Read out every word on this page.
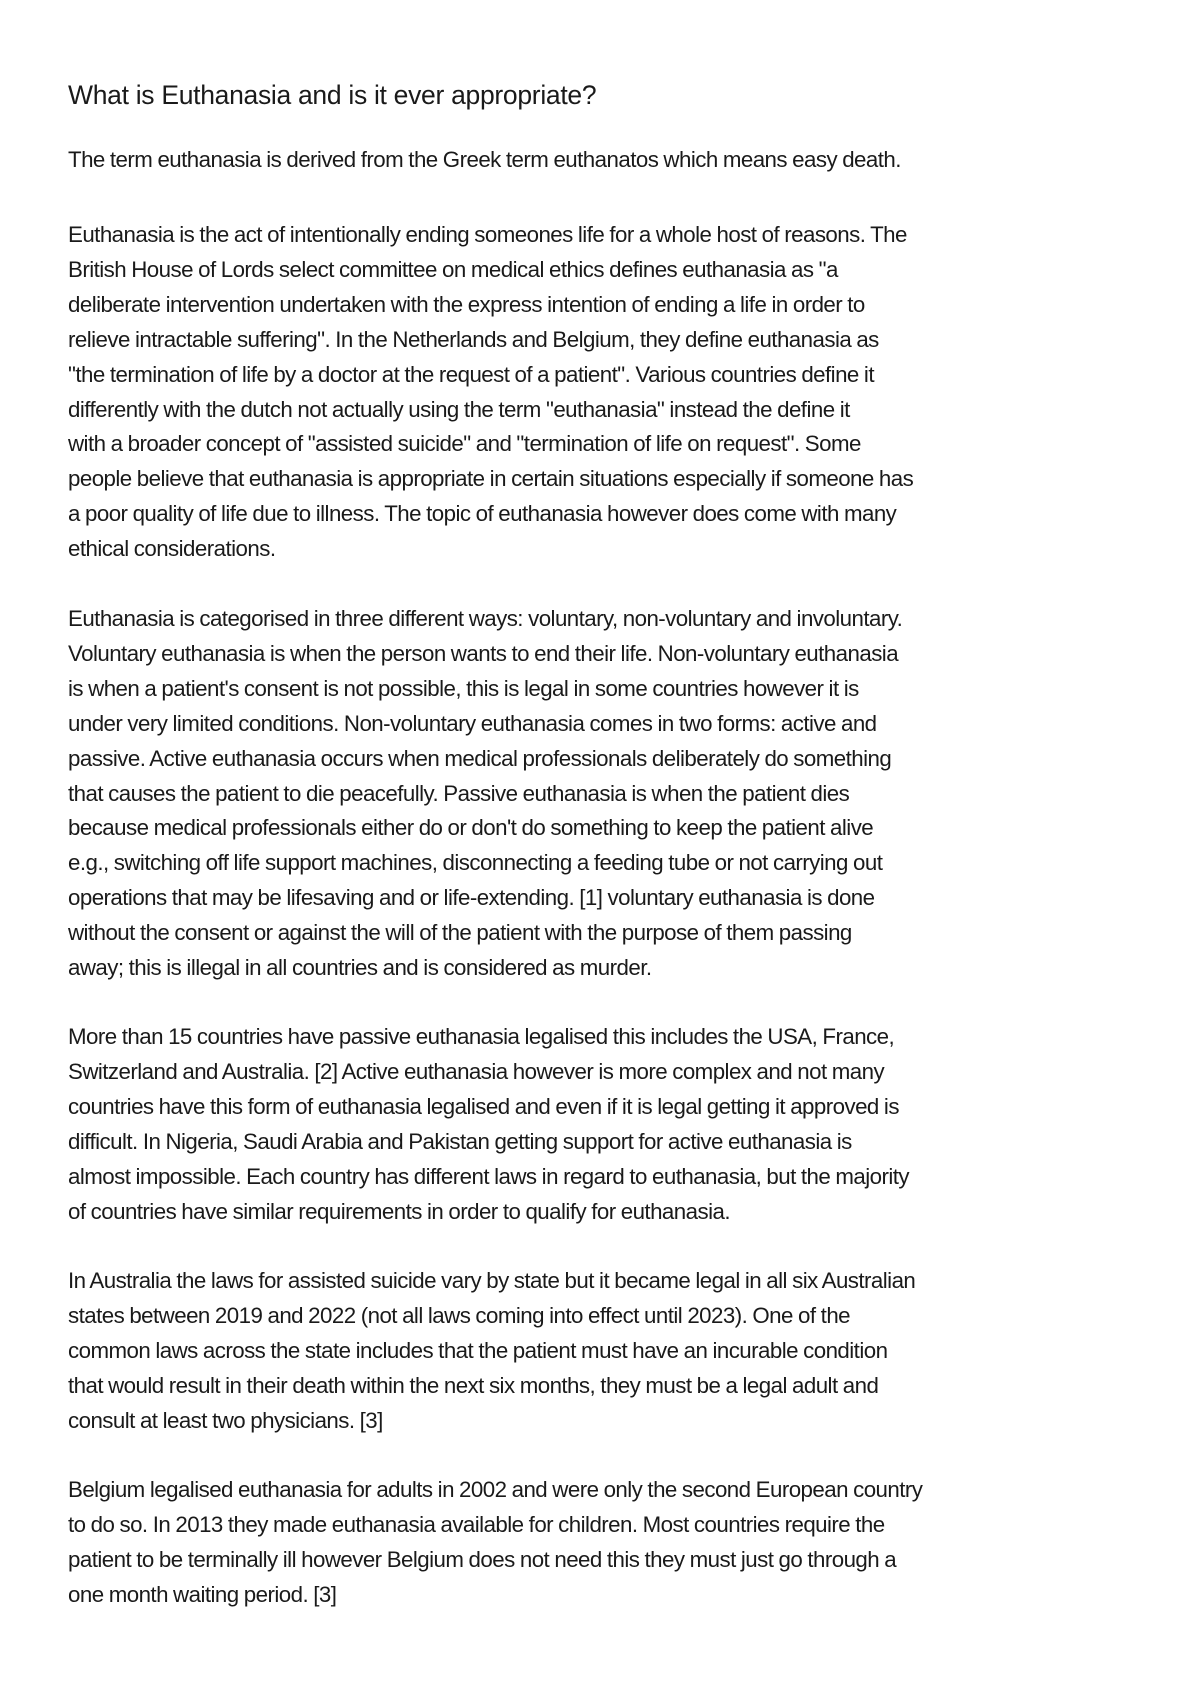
What is Euthanasia and is it ever appropriate?

The term euthanasia is derived from the Greek term euthanatos which means easy death.

Euthanasia is the act of intentionally ending someones life for a whole host of reasons. The
British House of Lords select committee on medical ethics defines euthanasia as "a
deliberate intervention undertaken with the express intention of ending a life in order to
relieve intractable suffering". In the Netherlands and Belgium, they define euthanasia as
"the termination of life by a doctor at the request of a patient". Various countries define it
differently with the dutch not actually using the term "euthanasia" instead the define it
with a broader concept of "assisted suicide" and "termination of life on request". Some
people believe that euthanasia is appropriate in certain situations especially if someone has
a poor quality of life due to illness. The topic of euthanasia however does come with many
ethical considerations.

Euthanasia is categorised in three different ways: voluntary, non-voluntary and involuntary.
Voluntary euthanasia is when the person wants to end their life. Non-voluntary euthanasia
is when a patient's consent is not possible, this is legal in some countries however it is
under very limited conditions. Non-voluntary euthanasia comes in two forms: active and
passive. Active euthanasia occurs when medical professionals deliberately do something
that causes the patient to die peacefully. Passive euthanasia is when the patient dies
because medical professionals either do or don't do something to keep the patient alive
e.g., switching off life support machines, disconnecting a feeding tube or not carrying out
operations that may be lifesaving and or life-extending. [1] voluntary euthanasia is done
without the consent or against the will of the patient with the purpose of them passing
away; this is illegal in all countries and is considered as murder.

More than 15 countries have passive euthanasia legalised this includes the USA, France,
Switzerland and Australia. [2] Active euthanasia however is more complex and not many
countries have this form of euthanasia legalised and even if it is legal getting it approved is
difficult. In Nigeria, Saudi Arabia and Pakistan getting support for active euthanasia is
almost impossible. Each country has different laws in regard to euthanasia, but the majority
of countries have similar requirements in order to qualify for euthanasia.

In Australia the laws for assisted suicide vary by state but it became legal in all six Australian
states between 2019 and 2022 (not all laws coming into effect until 2023). One of the
common laws across the state includes that the patient must have an incurable condition
that would result in their death within the next six months, they must be a legal adult and
consult at least two physicians. [3]

Belgium legalised euthanasia for adults in 2002 and were only the second European country
to do so. In 2013 they made euthanasia available for children. Most countries require the
patient to be terminally ill however Belgium does not need this they must just go through a
one month waiting period. [3]
